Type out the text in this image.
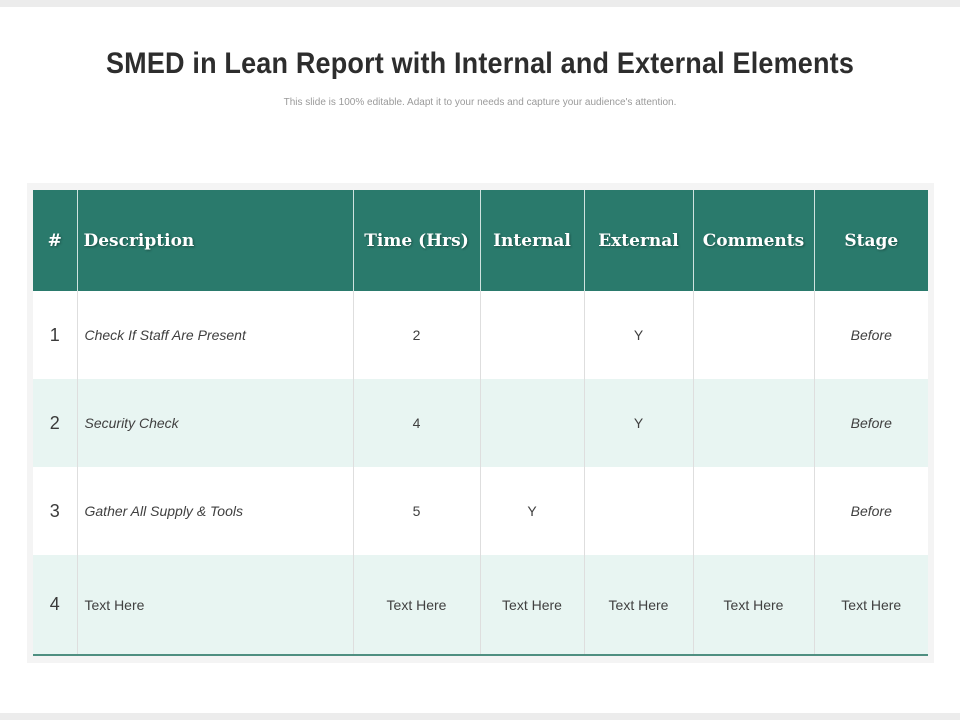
SMED in Lean Report with Internal and External Elements
This slide is 100% editable. Adapt it to your needs and capture your audience's attention.
#	Description	Time (Hrs)	Internal	External	Comments	Stage
1	Check If Staff Are Present	2		Y		Before
2	Security Check	4		Y		Before
3	Gather All Supply & Tools	5	Y			Before
4	Text Here	Text Here	Text Here	Text Here	Text Here	Text Here
